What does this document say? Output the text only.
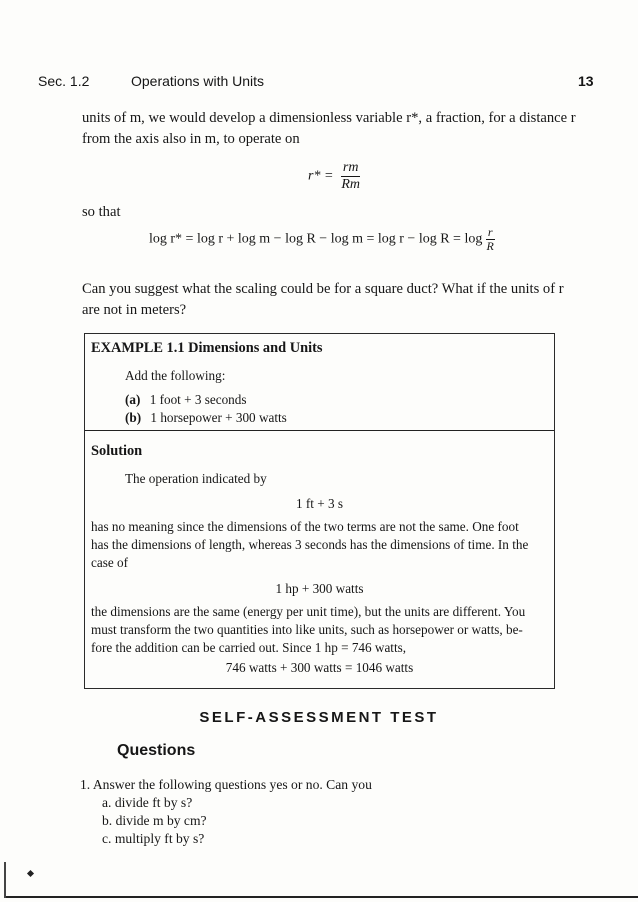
Sec. 1.2	Operations with Units	13
units of m, we would develop a dimensionless variable r*, a fraction, for a distance r
from the axis also in m, to operate on
$r* = \frac{rm}{Rm}$
so that
$\log r* = \log r + \log m - \log R - \log m = \log r - \log R = \log \frac{r}{R}$
Can you suggest what the scaling could be for a square duct? What if the units of r
are not in meters?
EXAMPLE 1.1 Dimensions and Units
Add the following:
(a) 1 foot + 3 seconds
(b) 1 horsepower + 300 watts
Solution
The operation indicated by
1 ft + 3 s
has no meaning since the dimensions of the two terms are not the same. One foot
has the dimensions of length, whereas 3 seconds has the dimensions of time. In the
case of
1 hp + 300 watts
the dimensions are the same (energy per unit time), but the units are different. You
must transform the two quantities into like units, such as horsepower or watts, be-
fore the addition can be carried out. Since 1 hp = 746 watts,
746 watts + 300 watts = 1046 watts
SELF-ASSESSMENT TEST
Questions
1. Answer the following questions yes or no. Can you
a. divide ft by s?
b. divide m by cm?
c. multiply ft by s?
